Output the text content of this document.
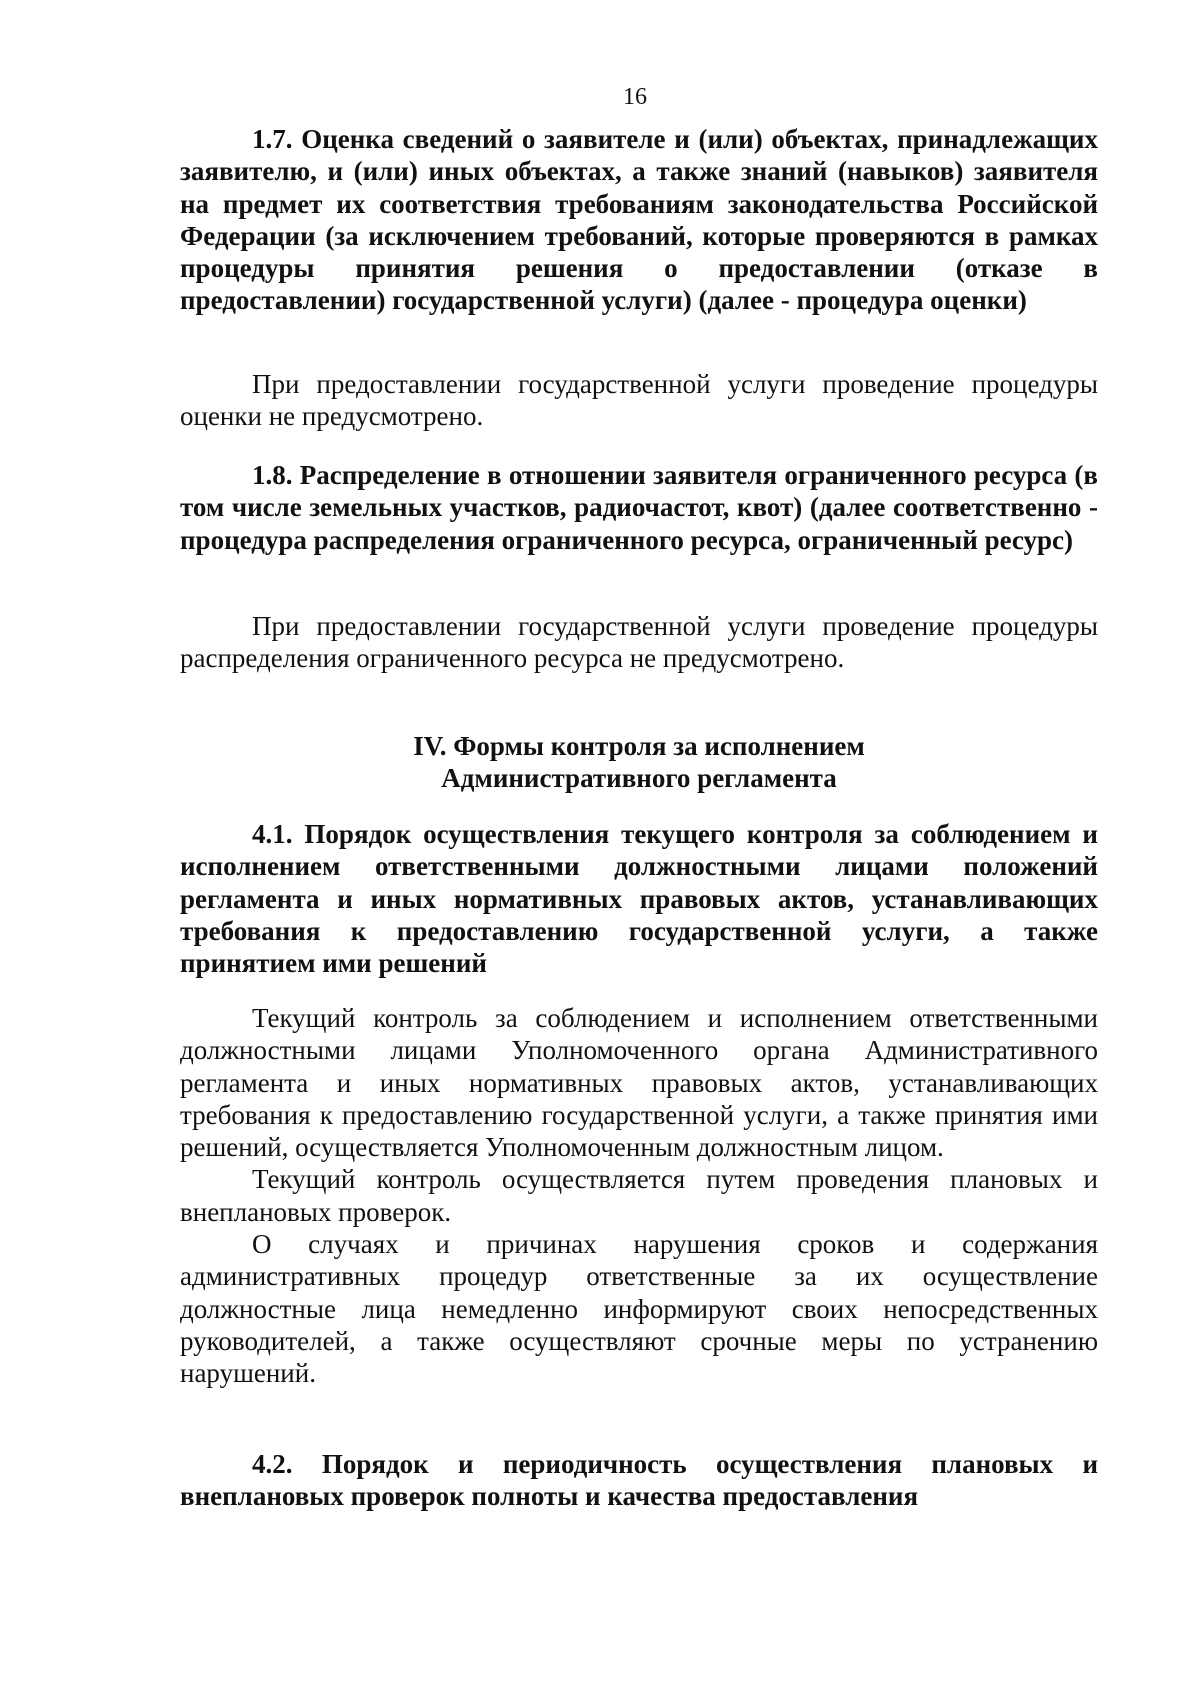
16

1.7. Оценка сведений о заявителе и (или) объектах, принадлежащих заявителю, и (или) иных объектах, а также знаний (навыков) заявителя на предмет их соответствия требованиям законодательства Российской Федерации (за исключением требований, которые проверяются в рамках процедуры принятия решения о предоставлении (отказе в предоставлении) государственной услуги) (далее - процедура оценки)

При предоставлении государственной услуги проведение процедуры оценки не предусмотрено.

1.8. Распределение в отношении заявителя ограниченного ресурса (в том числе земельных участков, радиочастот, квот) (далее соответственно - процедура распределения ограниченного ресурса, ограниченный ресурс)

При предоставлении государственной услуги проведение процедуры распределения ограниченного ресурса не предусмотрено.

IV. Формы контроля за исполнением
Административного регламента

4.1. Порядок осуществления текущего контроля за соблюдением и исполнением ответственными должностными лицами положений регламента и иных нормативных правовых актов, устанавливающих требования к предоставлению государственной услуги, а также принятием ими решений

Текущий контроль за соблюдением и исполнением ответственными должностными лицами Уполномоченного органа Административного регламента и иных нормативных правовых актов, устанавливающих требования к предоставлению государственной услуги, а также принятия ими решений, осуществляется Уполномоченным должностным лицом.

Текущий контроль осуществляется путем проведения плановых и внеплановых проверок.

О случаях и причинах нарушения сроков и содержания административных процедур ответственные за их осуществление должностные лица немедленно информируют своих непосредственных руководителей, а также осуществляют срочные меры по устранению нарушений.

4.2. Порядок и периодичность осуществления плановых и внеплановых проверок полноты и качества предоставления
